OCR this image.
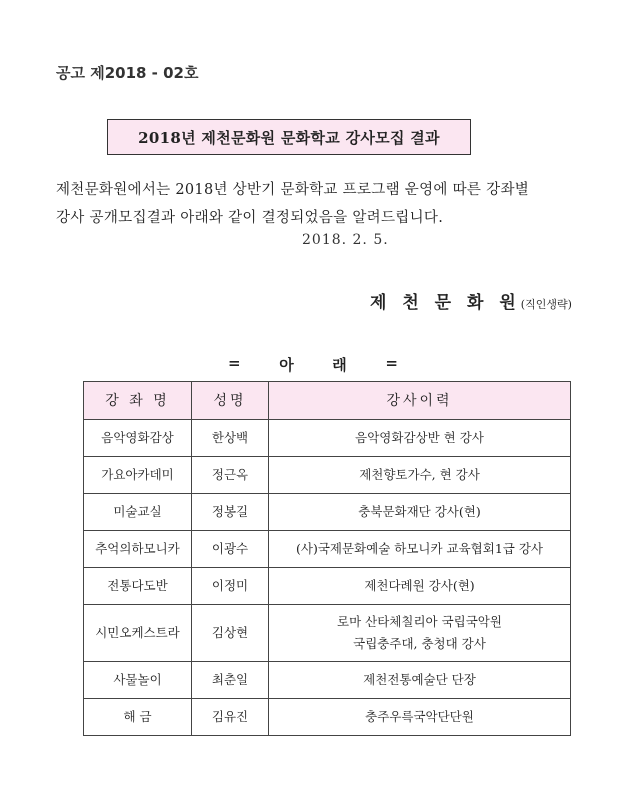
공고 제2018 - 02호
2018년 제천문화원 문화학교 강사모집 결과

제천문화원에서는 2018년 상반기 문화학교 프로그램 운영에 따른 강좌별

강사 공개모집결과 아래와 같이 결정되었음을 알려드립니다.

2018. 2. 5.
제 천 문 화 원(직인생략)
=	아	래	=
강 좌 명	성명	강사이력
음악영화감상	한상백	음악영화감상반 현 강사
가요아카데미	정근옥	제천향토가수, 현 강사
미술교실	정봉길	충북문화재단 강사(현)
추억의하모니카	이광수	(사)국제문화예술 하모니카 교육협회1급 강사
전통다도반	이정미	제천다례원 강사(현)
시민오케스트라	김상현	로마 산타체칠리아 국립국악원
국립충주대, 충청대 강사

사물놀이	최춘일	제천전통예술단 단장
해 금	김유진	충주우륵국악단단원
